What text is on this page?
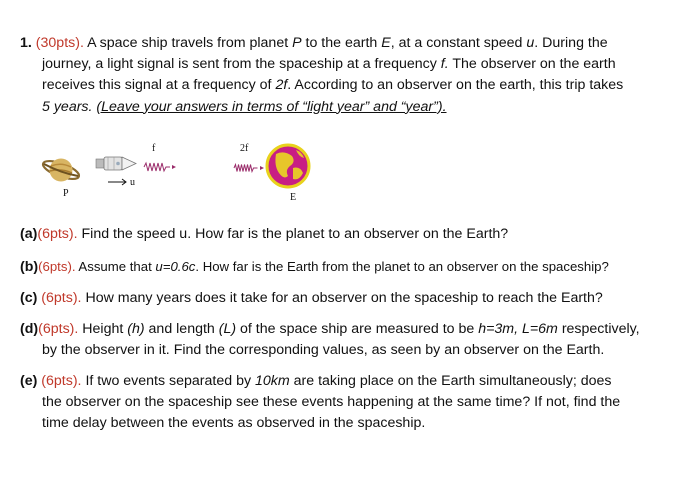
1. (30pts). A space ship travels from planet P to the earth E, at a constant speed u. During the
journey, a light signal is sent from the spaceship at a frequency f. The observer on the earth
receives this signal at a frequency of 2f. According to an observer on the earth, this trip takes
5 years. (Leave your answers in terms of “light year” and “year”).
f
u
P
2f
E
(a)(6pts). Find the speed u. How far is the planet to an observer on the Earth?
(b)(6pts). Assume that u=0.6c. How far is the Earth from the planet to an observer on the spaceship?
(c) (6pts). How many years does it take for an observer on the spaceship to reach the Earth?
(d)(6pts). Height (h) and length (L) of the space ship are measured to be h=3m, L=6m respectively,
by the observer in it. Find the corresponding values, as seen by an observer on the Earth.
(e) (6pts). If two events separated by 10km are taking place on the Earth simultaneously; does
the observer on the spaceship see these events happening at the same time? If not, find the
time delay between the events as observed in the spaceship.
